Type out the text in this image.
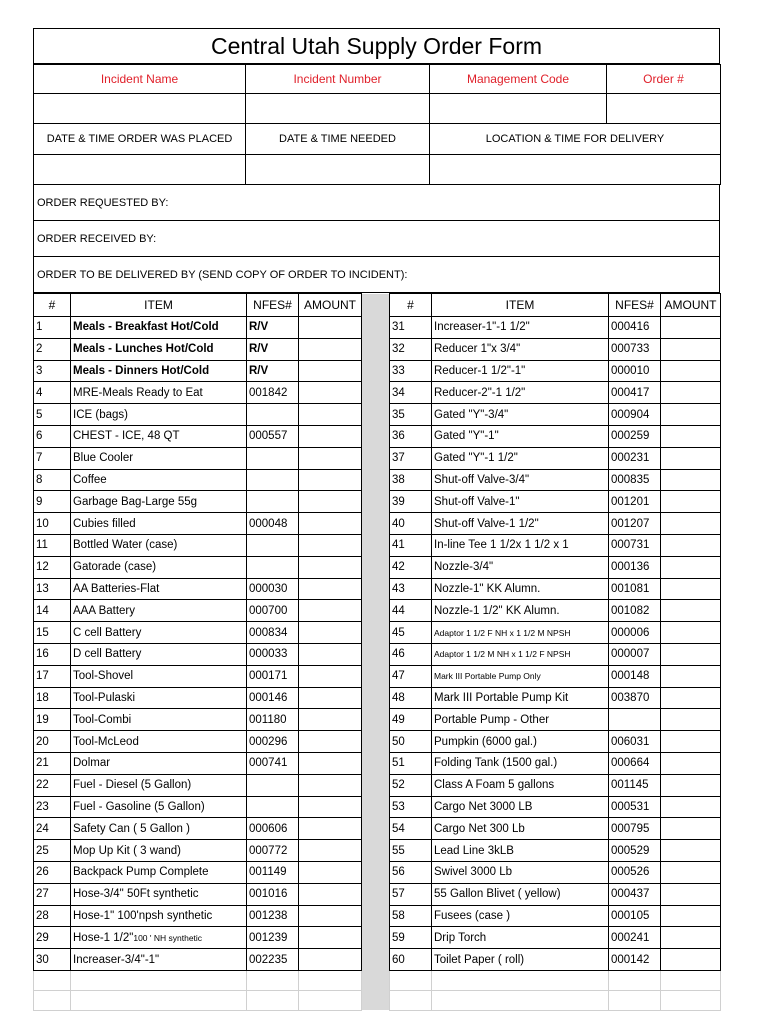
Central Utah Supply Order Form
Incident Name	Incident Number	Management Code	Order #

DATE & TIME ORDER WAS PLACED	DATE & TIME NEEDED	LOCATION & TIME FOR DELIVERY	

ORDER REQUESTED BY:
ORDER RECEIVED BY:
ORDER TO BE DELIVERED BY (SEND COPY OF ORDER TO INCIDENT):
#	ITEM	NFES#	AMOUNT		#	ITEM	NFES#	AMOUNT
1	Meals - Breakfast Hot/Cold	R/V			31	Increaser-1"-1 1/2"	000416	
2	Meals - Lunches Hot/Cold	R/V			32	Reducer 1"x 3/4"	000733	
3	Meals - Dinners Hot/Cold	R/V			33	Reducer-1 1/2"-1"	000010	
4	MRE-Meals Ready to Eat	001842			34	Reducer-2"-1 1/2"	000417	
5	ICE (bags)				35	Gated "Y"-3/4"	000904	
6	CHEST - ICE, 48 QT	000557			36	Gated "Y"-1"	000259	
7	Blue Cooler				37	Gated "Y"-1 1/2"	000231	
8	Coffee				38	Shut-off Valve-3/4"	000835	
9	Garbage Bag-Large 55g				39	Shut-off Valve-1"	001201	
10	Cubies filled	000048			40	Shut-off Valve-1 1/2"	001207	
11	Bottled Water (case)				41	In-line Tee 1 1/2x 1 1/2 x 1	000731	
12	Gatorade (case)				42	Nozzle-3/4"	000136	
13	AA Batteries-Flat	000030			43	Nozzle-1" KK Alumn.	001081	
14	AAA Battery	000700			44	Nozzle-1 1/2" KK Alumn.	001082	
15	C cell Battery	000834			45	Adaptor 1 1/2 F NH x 1 1/2 M NPSH	000006	
16	D cell Battery	000033			46	Adaptor 1 1/2 M NH x 1 1/2 F NPSH	000007	
17	Tool-Shovel	000171			47	Mark III Portable Pump Only	000148	
18	Tool-Pulaski	000146			48	Mark III Portable Pump Kit	003870	
19	Tool-Combi	001180			49	Portable Pump - Other		
20	Tool-McLeod	000296			50	Pumpkin (6000 gal.)	006031	
21	Dolmar	000741			51	Folding Tank (1500 gal.)	000664	
22	Fuel - Diesel (5 Gallon)				52	Class A Foam 5 gallons	001145	
23	Fuel - Gasoline (5 Gallon)				53	Cargo Net 3000 LB	000531	
24	Safety Can ( 5 Gallon )	000606			54	Cargo Net 300 Lb	000795	
25	Mop Up Kit ( 3 wand)	000772			55	Lead Line 3kLB	000529	
26	Backpack Pump Complete	001149			56	Swivel 3000 Lb	000526	
27	Hose-3/4" 50Ft synthetic	001016			57	55 Gallon Blivet ( yellow)	000437	
28	Hose-1" 100'npsh synthetic	001238			58	Fusees (case )	000105	
29	Hose-1 1/2"100 ' NH synthetic	001239			59	Drip Torch	000241	
30	Increaser-3/4"-1"	002235			60	Toilet Paper ( roll)	000142	
